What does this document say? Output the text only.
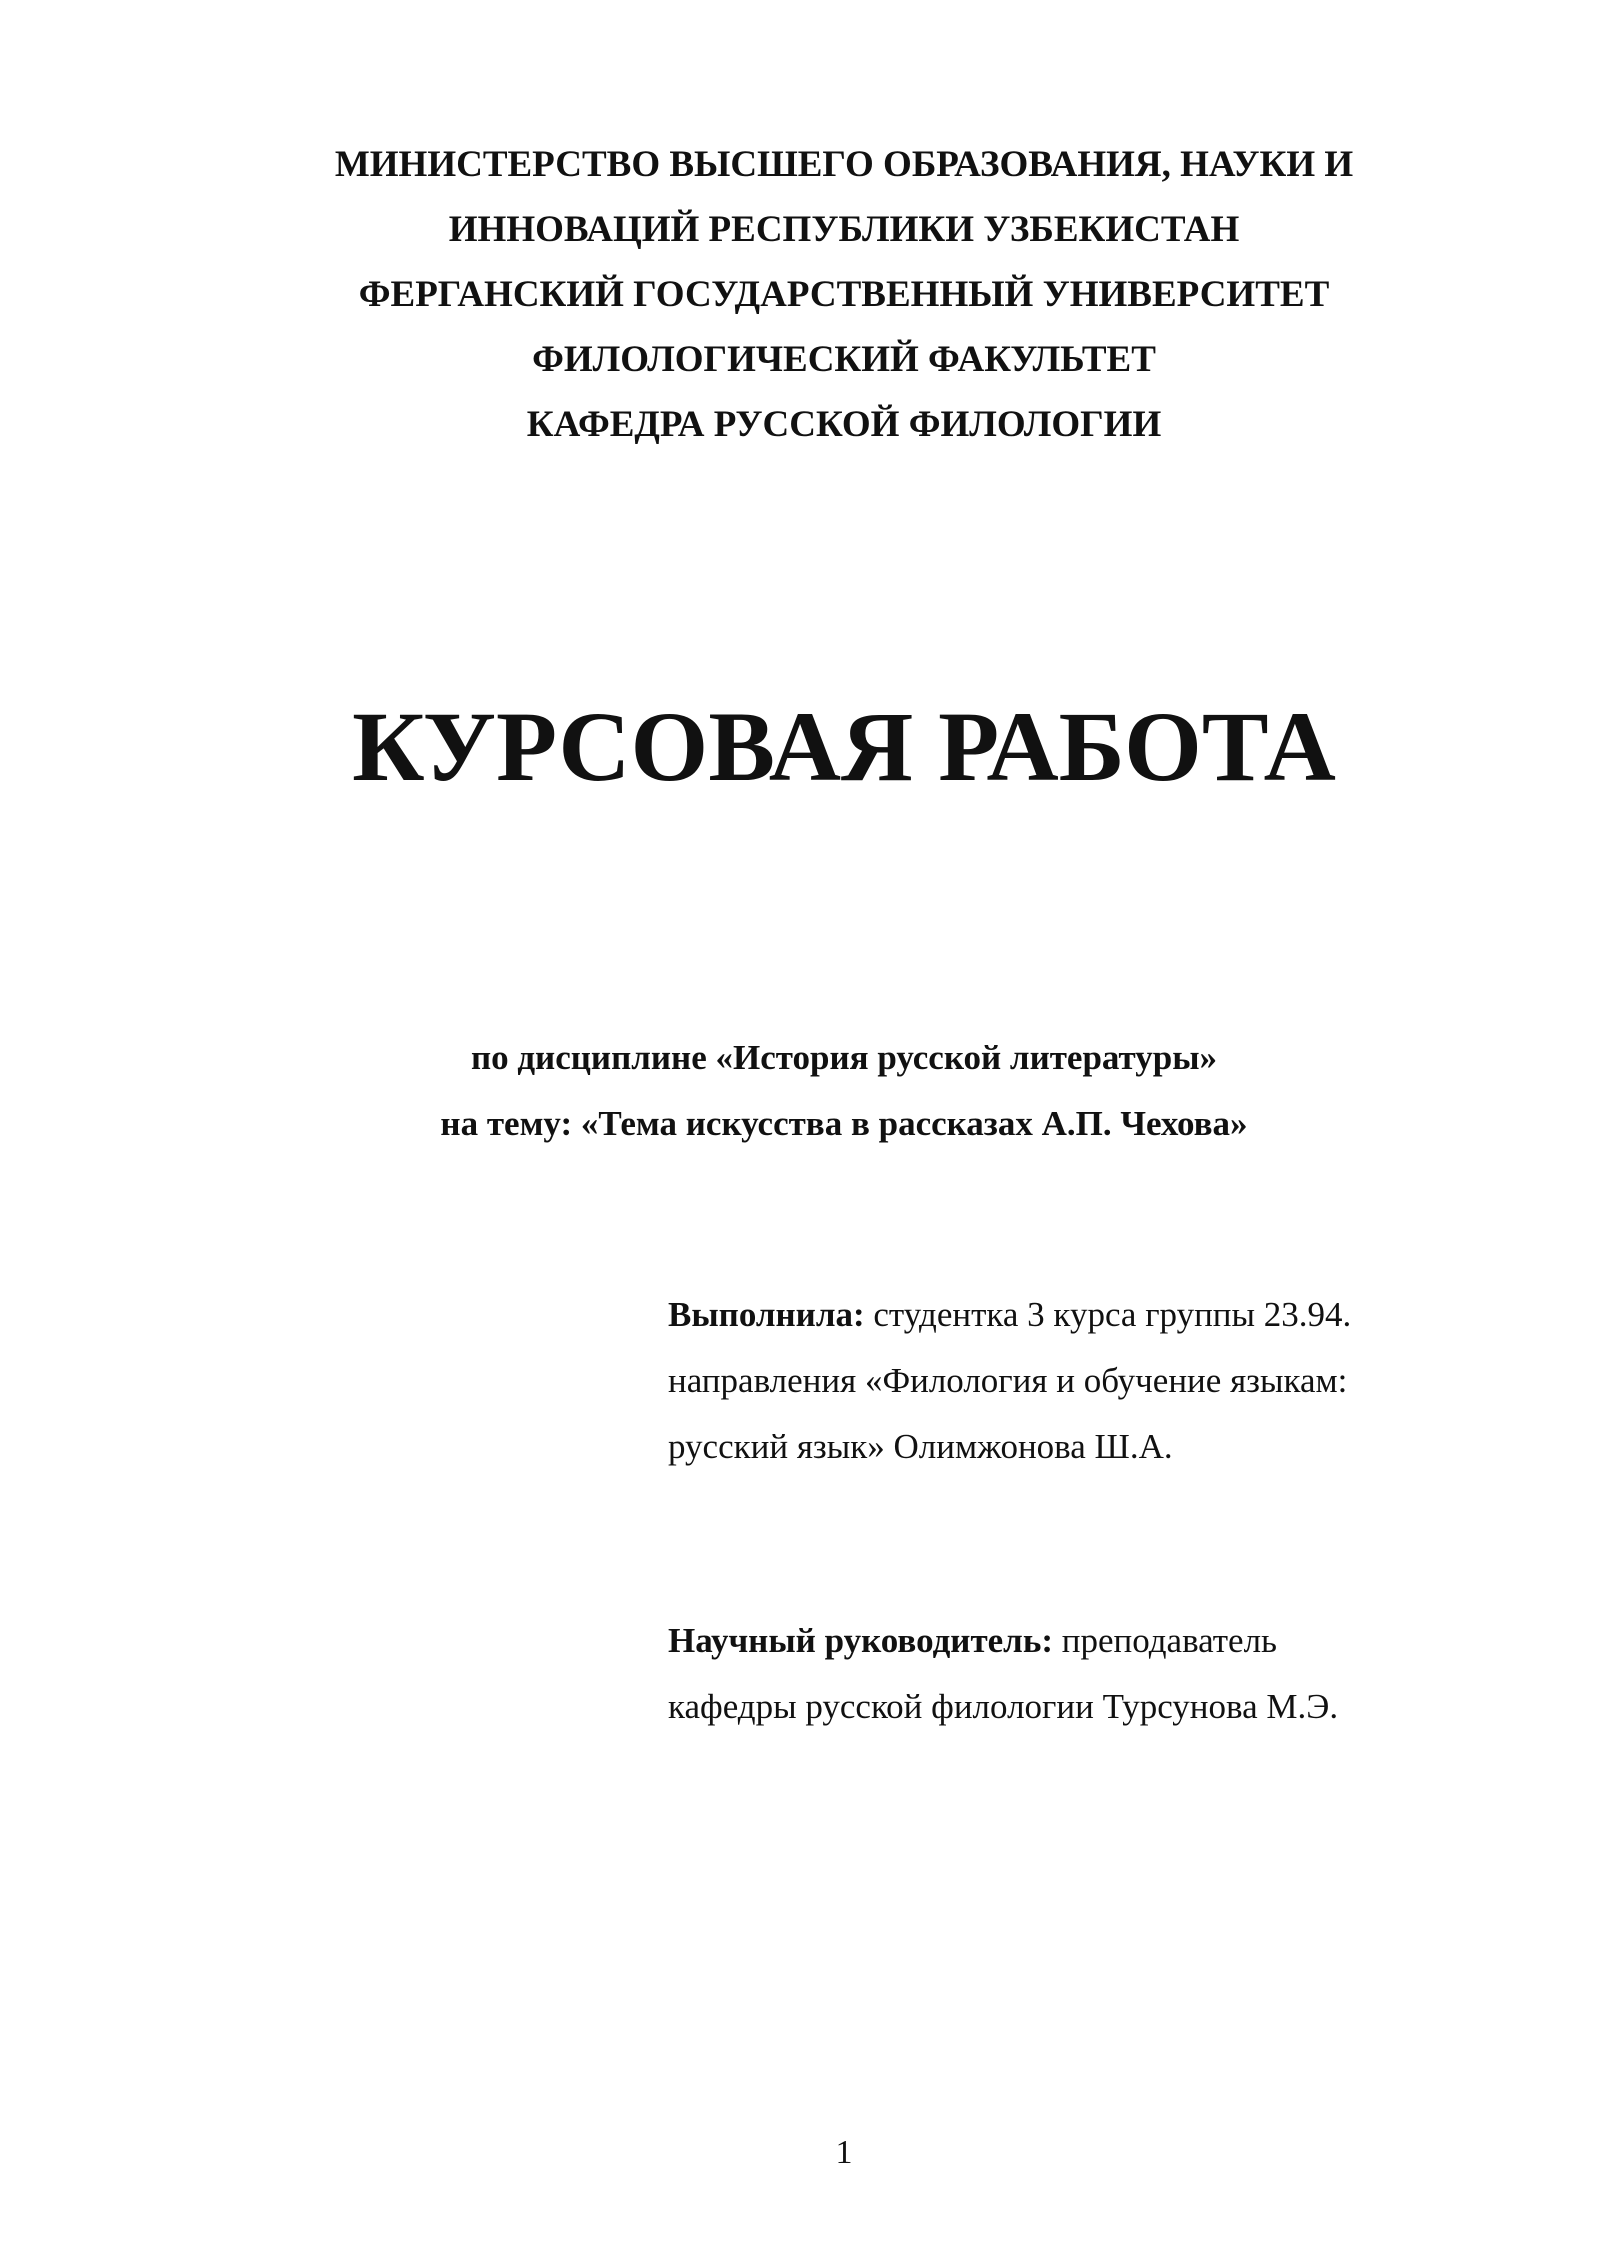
МИНИСТЕРСТВО ВЫСШЕГО ОБРАЗОВАНИЯ, НАУКИ И
ИННОВАЦИЙ РЕСПУБЛИКИ УЗБЕКИСТАН
ФЕРГАНСКИЙ ГОСУДАРСТВЕННЫЙ УНИВЕРСИТЕТ
ФИЛОЛОГИЧЕСКИЙ ФАКУЛЬТЕТ
КАФЕДРА РУССКОЙ ФИЛОЛОГИИ
КУРСОВАЯ РАБОТА
по дисциплине «История русской литературы»
на тему: «Тема искусства в рассказах А.П. Чехова»
Выполнила: студентка 3 курса группы 23.94.
направления «Филология и обучение языкам:
русский язык» Олимжонова Ш.А.
Научный руководитель: преподаватель
кафедры русской филологии Турсунова М.Э.
1
